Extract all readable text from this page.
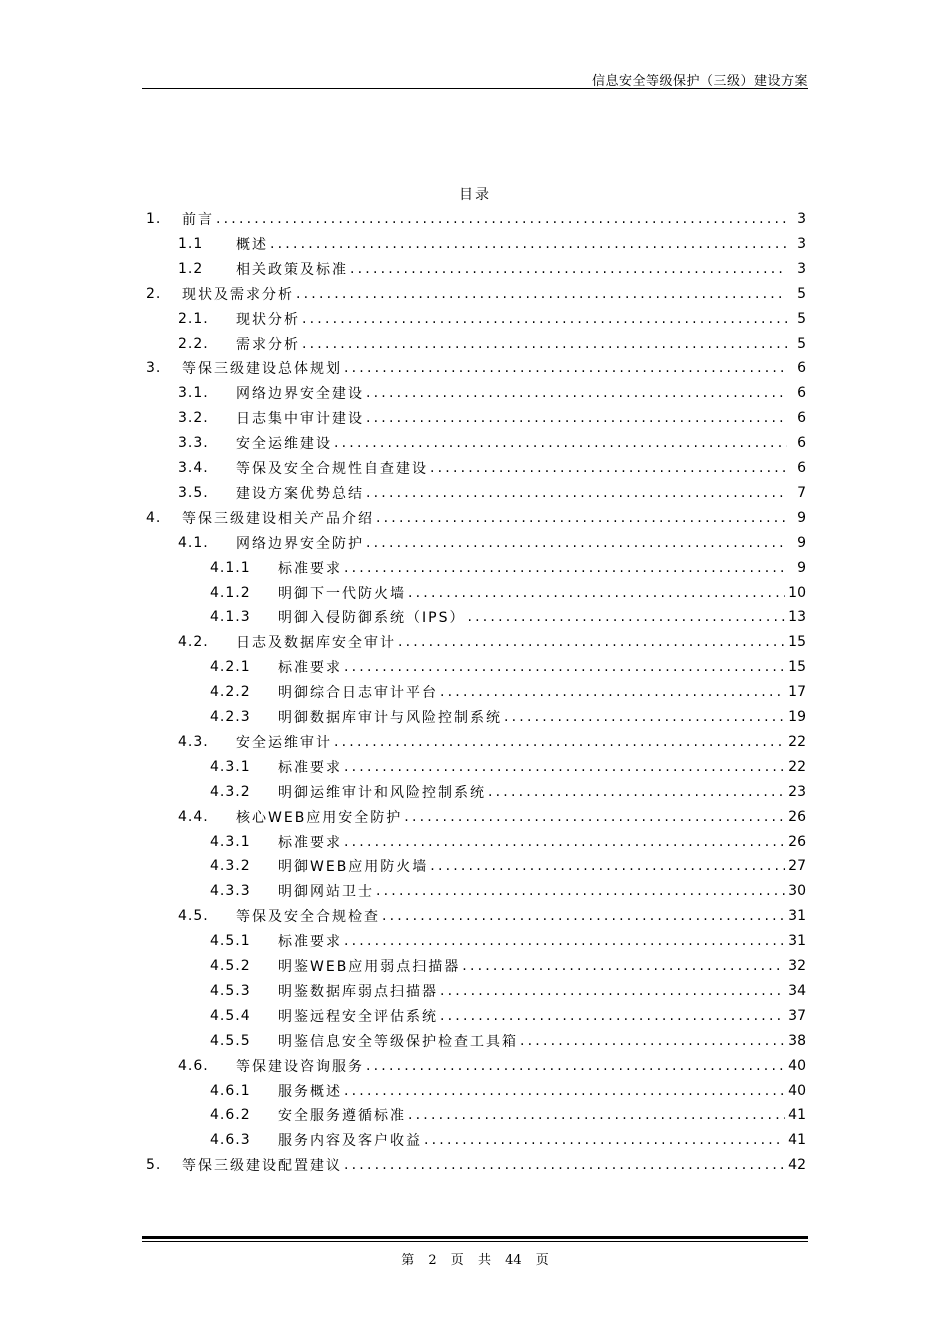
信息安全等级保护（三级）建设方案
目录
1.	前言 .....	3
1.1	概述 .....	3
1.2	相关政策及标准 .....	3
2.	现状及需求分析 .....	5
2.1.	现状分析 .....	5
2.2.	需求分析 .....	5
3.	等保三级建设总体规划 .....	6
3.1.	网络边界安全建设 .....	6
3.2.	日志集中审计建设 .....	6
3.3.	安全运维建设 .....	6
3.4.	等保及安全合规性自查建设 .....	6
3.5.	建设方案优势总结 .....	7
4.	等保三级建设相关产品介绍 .....	9
4.1.	网络边界安全防护 .....	9
4.1.1	标准要求 .....	9
4.1.2	明御下一代防火墙 .....	10
4.1.3	明御入侵防御系统（IPS） .....	13
4.2.	日志及数据库安全审计 .....	15
4.2.1	标准要求 .....	15
4.2.2	明御综合日志审计平台 .....	17
4.2.3	明御数据库审计与风险控制系统 .....	19
4.3.	安全运维审计 .....	22
4.3.1	标准要求 .....	22
4.3.2	明御运维审计和风险控制系统 .....	23
4.4.	核心WEB应用安全防护 .....	26
4.3.1	标准要求 .....	26
4.3.2	明御WEB应用防火墙 .....	27
4.3.3	明御网站卫士 .....	30
4.5.	等保及安全合规检查 .....	31
4.5.1	标准要求 .....	31
4.5.2	明鉴WEB应用弱点扫描器 .....	32
4.5.3	明鉴数据库弱点扫描器 .....	34
4.5.4	明鉴远程安全评估系统 .....	37
4.5.5	明鉴信息安全等级保护检查工具箱 .....	38
4.6.	等保建设咨询服务 .....	40
4.6.1	服务概述 .....	40
4.6.2	安全服务遵循标准 .....	41
4.6.3	服务内容及客户收益 .....	41
5.	等保三级建设配置建议 .....	42
第 2 页 共 44 页
